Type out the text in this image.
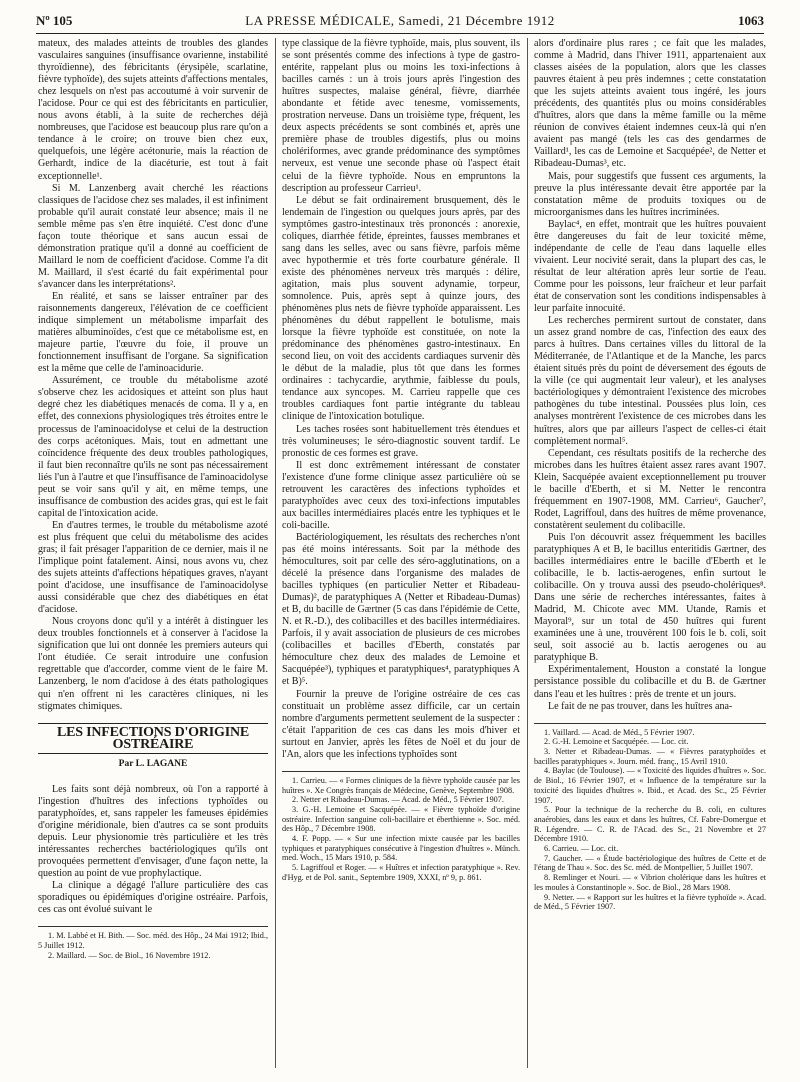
Nº 105	LA PRESSE MÉDICALE, Samedi, 21 Décembre 1912	1063

mateux, des malades atteints de troubles des glandes vasculaires sanguines (insuffisance ovarienne, instabilité thyroïdienne), des fébricitants (érysipèle, scarlatine, fièvre typhoïde), des sujets atteints d'affections mentales, chez lesquels on n'est pas accoutumé à voir survenir de l'acidose. Pour ce qui est des fébricitants en particulier, nous avons établi, à la suite de recherches déjà nombreuses, que l'acidose est beaucoup plus rare qu'on a tendance à le croire; on trouve bien chez eux, quelquefois, une légère acétonurie, mais la réaction de Gerhardt, indice de la diacéturie, est tout à fait exceptionnelle¹.

Si M. Lanzenberg avait cherché les réactions classiques de l'acidose chez ses malades, il est infiniment probable qu'il aurait constaté leur absence; mais il ne semble même pas s'en être inquiété. C'est donc d'une façon toute théorique et sans aucun essai de démonstration pratique qu'il a donné au coefficient de Maillard le nom de coefficient d'acidose. Comme l'a dit M. Maillard, il s'est écarté du fait expérimental pour s'avancer dans les interprétations².

En réalité, et sans se laisser entraîner par des raisonnements dangereux, l'élévation de ce coefficient indique simplement un métabolisme imparfait des matières albuminoïdes, c'est que ce métabolisme est, en majeure partie, l'œuvre du foie, il prouve un fonctionnement insuffisant de l'organe. Sa signification est la même que celle de l'aminoacidurie.

Assurément, ce trouble du métabolisme azoté s'observe chez les acidosiques et atteint son plus haut degré chez les diabétiques menacés de coma. Il y a, en effet, des connexions physiologiques très étroites entre le processus de l'aminoacidolyse et celui de la destruction des corps acétoniques. Mais, tout en admettant une coïncidence fréquente des deux troubles pathologiques, il faut bien reconnaître qu'ils ne sont pas nécessairement liés l'un à l'autre et que l'insuffisance de l'aminoacidolyse peut se voir sans qu'il y ait, en même temps, une insuffisance de combustion des acides gras, qui est le fait capital de l'intoxication acide.

En d'autres termes, le trouble du métabolisme azoté est plus fréquent que celui du métabolisme des acides gras; il fait présager l'apparition de ce dernier, mais il ne l'implique point fatalement. Ainsi, nous avons vu, chez des sujets atteints d'affections hépatiques graves, n'ayant point d'acidose, une insuffisance de l'aminoacidolyse aussi considérable que chez des diabétiques en état d'acidose.

Nous croyons donc qu'il y a intérêt à distinguer les deux troubles fonctionnels et à conserver à l'acidose la signification que lui ont donnée les premiers auteurs qui l'ont étudiée. Ce serait introduire une confusion regrettable que d'accorder, comme vient de le faire M. Lanzenberg, le nom d'acidose à des états pathologiques qui n'en offrent ni les caractères cliniques, ni les stigmates chimiques.

LES INFECTIONS D'ORIGINE OSTRÉAIRE
Par L. LAGANE

Les faits sont déjà nombreux, où l'on a rapporté à l'ingestion d'huîtres des infections typhoïdes ou paratyphoïdes, et, sans rappeler les fameuses épidémies d'origine méridionale, bien d'autres ca se sont produits depuis. Leur physionomie très particulière et les très intéressantes recherches bactériologiques qu'ils ont provoquées permettent d'envisager, d'une façon nette, la question au point de vue prophylactique.

La clinique a dégagé l'allure particulière des cas sporadiques ou épidémiques d'origine ostréaire. Parfois, ces cas ont évolué suivant le

1. M. Labbé et H. Bith. — Soc. méd. des Hôp., 24 Mai 1912; Ibid., 5 Juillet 1912.

2. Maillard. — Soc. de Biol., 16 Novembre 1912.

type classique de la fièvre typhoïde, mais, plus souvent, ils se sont présentés comme des infections à type de gastro-entérite, rappelant plus ou moins les toxi-infections à bacilles carnés : un à trois jours après l'ingestion des huîtres suspectes, malaise général, fièvre, diarrhée abondante et fétide avec tenesme, vomissements, prostration nerveuse. Dans un troisième type, fréquent, les deux aspects précédents se sont combinés et, après une première phase de troubles digestifs, plus ou moins cholériformes, avec grande prédominance des symptômes nerveux, est venue une seconde phase où l'aspect était celui de la fièvre typhoïde. Nous en empruntons la description au professeur Carrieu¹.

Le début se fait ordinairement brusquement, dès le lendemain de l'ingestion ou quelques jours après, par des symptômes gastro-intestinaux très prononcés : anorexie, coliques, diarrhée fétide, épreintes, fausses membranes et sang dans les selles, avec ou sans fièvre, parfois même avec hypothermie et très forte courbature générale. Il existe des phénomènes nerveux très marqués : délire, agitation, mais plus souvent adynamie, torpeur, somnolence. Puis, après sept à quinze jours, des phénomènes plus nets de fièvre typhoïde apparaissent. Les phénomènes du début rappellent le botulisme, mais lorsque la fièvre typhoïde est constituée, on note la prédominance des phénomènes gastro-intestinaux. En second lieu, on voit des accidents cardiaques survenir dès le début de la maladie, plus tôt que dans les formes ordinaires : tachycardie, arythmie, faiblesse du pouls, tendance aux syncopes. M. Carrieu rappelle que ces troubles cardiaques font partie intégrante du tableau clinique de l'intoxication botulique.

Les taches rosées sont habituellement très étendues et très volumineuses; le séro-diagnostic souvent tardif. Le pronostic de ces formes est grave.

Il est donc extrêmement intéressant de constater l'existence d'une forme clinique assez particulière où se retrouvent les caractères des infections typhoïdes et paratyphoïdes avec ceux des toxi-infections imputables aux bacilles intermédiaires placés entre les typhiques et le coli-bacille.

Bactériologiquement, les résultats des recherches n'ont pas été moins intéressants. Soit par la méthode des hémocultures, soit par celle des séro-agglutinations, on a décelé la présence dans l'organisme des malades de bacilles typhiques (en particulier Netter et Ribadeau-Dumas)², de paratyphiques A (Netter et Ribadeau-Dumas) et B, du bacille de Gærtner (5 cas dans l'épidémie de Cette, N. et R.-D.), des colibacilles et des bacilles intermédiaires. Parfois, il y avait association de plusieurs de ces microbes (colibacilles et bacilles d'Eberth, constatés par hémoculture chez deux des malades de Lemoine et Sacquépée³), typhiques et paratyphiques⁴, paratyphiques A et B)⁵.

Fournir la preuve de l'origine ostréaire de ces cas constituait un problème assez difficile, car un certain nombre d'arguments permettent seulement de la suspecter : c'était l'apparition de ces cas dans les mois d'hiver et surtout en Janvier, après les fêtes de Noël et du jour de l'An, alors que les infections typhoïdes sont

1. Carrieu. — « Formes cliniques de la fièvre typhoïde causée par les huîtres ». Xe Congrès français de Médecine, Genève, Septembre 1908.

2. Netter et Ribadeau-Dumas. — Acad. de Méd., 5 Février 1907.

3. G.-H. Lemoine et Sacquépée. — « Fièvre typhoïde d'origine ostréaire. Infection sanguine coli-bacillaire et éberthienne ». Soc. méd. des Hôp., 7 Décembre 1908.

4. F. Popp. — « Sur une infection mixte causée par les bacilles typhiques et paratyphiques consécutive à l'ingestion d'huîtres ». Münch. med. Woch., 15 Mars 1910, p. 584.

5. Lagriffoul et Roger. — « Huîtres et infection paratyphique ». Rev. d'Hyg. et de Pol. sanit., Septembre 1909, XXXI, nº 9, p. 861.

alors d'ordinaire plus rares ; ce fait que les malades, comme à Madrid, dans l'hiver 1911, appartenaient aux classes aisées de la population, alors que les classes pauvres étaient à peu près indemnes ; cette constatation que les sujets atteints avaient tous ingéré, les jours précédents, des quantités plus ou moins considérables d'huîtres, alors que dans la même famille ou la même réunion de convives étaient indemnes ceux-là qui n'en avaient pas mangé (tels les cas des gendarmes de Vaillard¹, les cas de Lemoine et Sacquépée², de Netter et Ribadeau-Dumas³, etc.

Mais, pour suggestifs que fussent ces arguments, la preuve la plus intéressante devait être apportée par la constatation même de produits toxiques ou de microorganismes dans les huîtres incriminées.

Baylac⁴, en effet, montrait que les huîtres pouvaient être dangereuses du fait de leur toxicité même, indépendante de celle de l'eau dans laquelle elles vivaient. Leur nocivité serait, dans la plupart des cas, le résultat de leur altération après leur sortie de l'eau. Comme pour les poissons, leur fraîcheur et leur parfait état de conservation sont les conditions indispensables à leur parfaite innocuité.

Les recherches permirent surtout de constater, dans un assez grand nombre de cas, l'infection des eaux des parcs à huîtres. Dans certaines villes du littoral de la Méditerranée, de l'Atlantique et de la Manche, les parcs étaient situés près du point de déversement des égouts de la ville (ce qui augmentait leur valeur), et les analyses bactériologiques y démontraient l'existence des microbes pathogènes du tube intestinal. Poussées plus loin, ces analyses montrèrent l'existence de ces microbes dans les huîtres, alors que par ailleurs l'aspect de celles-ci était complètement normal⁵.

Cependant, ces résultats positifs de la recherche des microbes dans les huîtres étaient assez rares avant 1907. Klein, Sacquépée avaient exceptionnellement pu trouver le bacille d'Eberth, et si M. Netter le rencontra fréquemment en 1907-1908, MM. Carrieu⁶, Gaucher⁷, Rodet, Lagriffoul, dans des huîtres de même provenance, constatèrent seulement du colibacille.

Puis l'on découvrit assez fréquemment les bacilles paratyphiques A et B, le bacillus enteritidis Gærtner, des bacilles intermédiaires entre le bacille d'Eberth et le colibacille, le b. lactis-aerogenes, enfin surtout le colibacille. On y trouva aussi des pseudo-cholériques⁸. Dans une série de recherches intéressantes, faites à Madrid, M. Chicote avec MM. Utande, Ramis et Mayoral⁹, sur un total de 450 huîtres qui furent examinées une à une, trouvèrent 100 fois le b. coli, soit seul, soit associé au b. lactis aerogenes ou au paratyphique B.

Expérimentalement, Houston a constaté la longue persistance possible du colibacille et du B. de Gærtner dans l'eau et les huîtres : près de trente et un jours.

Le fait de ne pas trouver, dans les huîtres ana-

1. Vaillard. — Acad. de Méd., 5 Février 1907.

2. G.-H. Lemoine et Sacquépée. — Loc. cit.

3. Netter et Ribadeau-Dumas. — « Fièvres paratyphoïdes et bacilles paratyphiques ». Journ. méd. franç., 15 Avril 1910.

4. Baylac (de Toulouse). — « Toxicité des liquides d'huîtres ». Soc. de Biol., 16 Février 1907, et « Influence de la température sur la toxicité des liquides d'huîtres ». Ibid., et Acad. des Sc., 25 Février 1907.

5. Pour la technique de la recherche du B. coli, en cultures anaérobies, dans les eaux et dans les huîtres, Cf. Fabre-Domergue et R. Légendre. — C. R. de l'Acad. des Sc., 21 Novembre et 27 Décembre 1910.

6. Carrieu. — Loc. cit.

7. Gaucher. — « Étude bactériologique des huîtres de Cette et de l'étang de Thau ». Soc. des Sc. méd. de Montpellier, 5 Juillet 1907.

8. Remlinger et Nouri. — « Vibrion cholérique dans les huîtres et les moules à Constantinople ». Soc. de Biol., 28 Mars 1908.

9. Netter. — « Rapport sur les huîtres et la fièvre typhoïde ». Acad. de Méd., 5 Février 1907.
